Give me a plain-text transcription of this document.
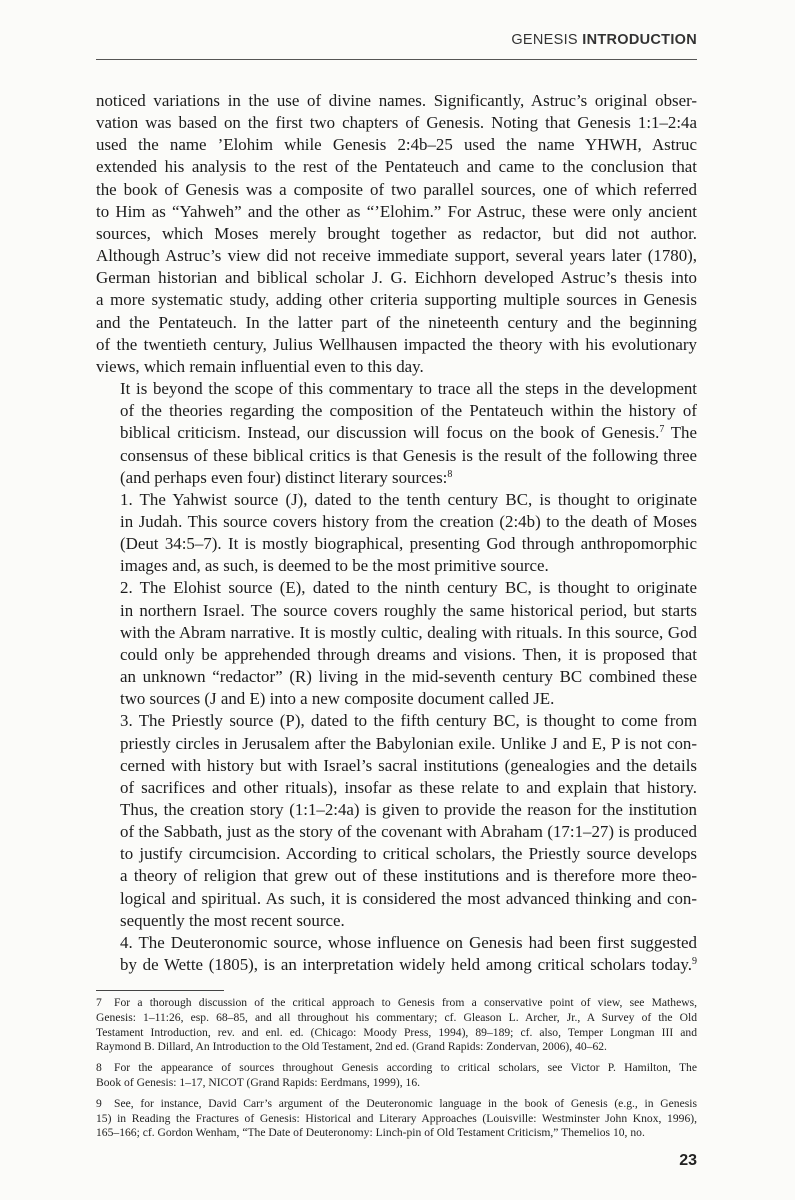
GENESIS INTRODUCTION

noticed variations in the use of divine names. Significantly, Astruc’s original obser-
vation was based on the first two chapters of Genesis. Noting that Genesis 1:1–2:4a
used the name ’Elohim while Genesis 2:4b–25 used the name YHWH, Astruc
extended his analysis to the rest of the Pentateuch and came to the conclusion that
the book of Genesis was a composite of two parallel sources, one of which referred
to Him as “Yahweh” and the other as “’Elohim.” For Astruc, these were only ancient
sources, which Moses merely brought together as redactor, but did not author.
Although Astruc’s view did not receive immediate support, several years later (1780),
German historian and biblical scholar J. G. Eichhorn developed Astruc’s thesis into
a more systematic study, adding other criteria supporting multiple sources in Genesis
and the Pentateuch. In the latter part of the nineteenth century and the beginning
of the twentieth century, Julius Wellhausen impacted the theory with his evolutionary
views, which remain influential even to this day.

It is beyond the scope of this commentary to trace all the steps in the development
of the theories regarding the composition of the Pentateuch within the history of
biblical criticism. Instead, our discussion will focus on the book of Genesis.$^7$ The
consensus of these biblical critics is that Genesis is the result of the following three
(and perhaps even four) distinct literary sources:$^8$

1. The Yahwist source (J), dated to the tenth century BC, is thought to originate
in Judah. This source covers history from the creation (2:4b) to the death of Moses
(Deut 34:5–7). It is mostly biographical, presenting God through anthropomorphic
images and, as such, is deemed to be the most primitive source.

2. The Elohist source (E), dated to the ninth century BC, is thought to originate
in northern Israel. The source covers roughly the same historical period, but starts
with the Abram narrative. It is mostly cultic, dealing with rituals. In this source, God
could only be apprehended through dreams and visions. Then, it is proposed that
an unknown “redactor” (R) living in the mid-seventh century BC combined these
two sources (J and E) into a new composite document called JE.

3. The Priestly source (P), dated to the fifth century BC, is thought to come from
priestly circles in Jerusalem after the Babylonian exile. Unlike J and E, P is not con-
cerned with history but with Israel’s sacral institutions (genealogies and the details
of sacrifices and other rituals), insofar as these relate to and explain that history.
Thus, the creation story (1:1–2:4a) is given to provide the reason for the institution
of the Sabbath, just as the story of the covenant with Abraham (17:1–27) is produced
to justify circumcision. According to critical scholars, the Priestly source develops
a theory of religion that grew out of these institutions and is therefore more theo-
logical and spiritual. As such, it is considered the most advanced thinking and con-
sequently the most recent source.

4. The Deuteronomic source, whose influence on Genesis had been first suggested
by de Wette (1805), is an interpretation widely held among critical scholars today.$^9$

7 For a thorough discussion of the critical approach to Genesis from a conservative point of view, see Mathews,
Genesis: 1–11:26, esp. 68–85, and all throughout his commentary; cf. Gleason L. Archer, Jr., A Survey of the Old
Testament Introduction, rev. and enl. ed. (Chicago: Moody Press, 1994), 89–189; cf. also, Temper Longman III and
Raymond B. Dillard, An Introduction to the Old Testament, 2nd ed. (Grand Rapids: Zondervan, 2006), 40–62.
8 For the appearance of sources throughout Genesis according to critical scholars, see Victor P. Hamilton, The
Book of Genesis: 1–17, NICOT (Grand Rapids: Eerdmans, 1999), 16.
9 See, for instance, David Carr’s argument of the Deuteronomic language in the book of Genesis (e.g., in Genesis
15) in Reading the Fractures of Genesis: Historical and Literary Approaches (Louisville: Westminster John Knox, 1996),
165–166; cf. Gordon Wenham, “The Date of Deuteronomy: Linch-pin of Old Testament Criticism,” Themelios 10, no.
23
